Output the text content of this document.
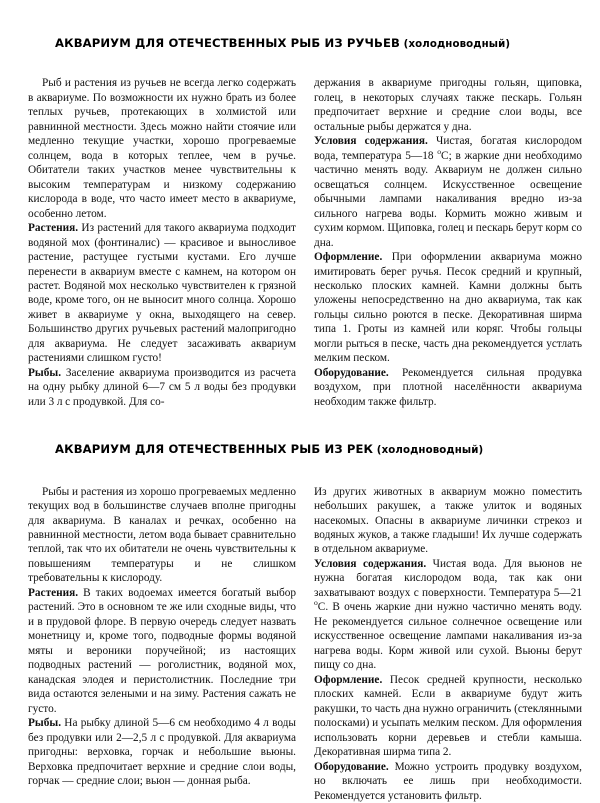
АКВАРИУМ ДЛЯ ОТЕЧЕСТВЕННЫХ РЫБ ИЗ РУЧЬЕВ (холодноводный)

Рыб и растения из ручьев не всегда легко содержать в аквариуме. По возможности их нужно брать из более теплых ручьев, протекающих в холмистой или равнинной местности. Здесь можно найти стоячие или медленно текущие участки, хорошо прогреваемые солнцем, вода в которых теплее, чем в ручье. Обитатели таких участков менее чувствительны к высоким температурам и низкому содержанию кислорода в воде, что часто имеет место в аквариуме, особенно летом.

Растения. Из растений для такого аквариума подходит водяной мох (фонтиналис) — красивое и выносливое растение, растущее густыми кустами. Его лучше перенести в аквариум вместе с камнем, на котором он растет. Водяной мох несколько чувствителен к грязной воде, кроме того, он не выносит много солнца. Хорошо живет в аквариуме у окна, выходящего на север. Большинство других ручьевых растений малопригодно для аквариума. Не следует засаживать аквариум растениями слишком густо!

Рыбы. Заселение аквариума производится из расчета на одну рыбку длиной 6—7 см 5 л воды без продувки или 3 л с продувкой. Для со-

держания в аквариуме пригодны гольян, щиповка, голец, в некоторых случаях также пескарь. Гольян предпочитает верхние и средние слои воды, все остальные рыбы держатся у дна.

Условия содержания. Чистая, богатая кислородом вода, температура 5—18 $^o$С; в жаркие дни необходимо частично менять воду. Аквариум не должен сильно освещаться солнцем. Искусственное освещение обычными лампами накаливания вредно из-за сильного нагрева воды. Кормить можно живым и сухим кормом. Щиповка, голец и пескарь берут корм со дна.

Оформление. При оформлении аквариума можно имитировать берег ручья. Песок средний и крупный, несколько плоских камней. Камни должны быть уложены непосредственно на дно аквариума, так как гольцы сильно роются в песке. Декоративная ширма типа 1. Гроты из камней или коряг. Чтобы гольцы могли рыться в песке, часть дна рекомендуется устлать мелким песком.

Оборудование. Рекомендуется сильная продувка воздухом, при плотной населённости аквариума необходим также фильтр.

АКВАРИУМ ДЛЯ ОТЕЧЕСТВЕННЫХ РЫБ ИЗ РЕК (холодноводный)

Рыбы и растения из хорошо прогреваемых медленно текущих вод в большинстве случаев вполне пригодны для аквариума. В каналах и речках, особенно на равнинной местности, летом вода бывает сравнительно теплой, так что их обитатели не очень чувствительны к повышениям температуры и не слишком требовательны к кислороду.

Растения. В таких водоемах имеется богатый выбор растений. Это в основном те же или сходные виды, что и в прудовой флоре. В первую очередь следует назвать монетницу и, кроме того, подводные формы водяной мяты и вероники поручейной; из настоящих подводных растений — роголистник, водяной мох, канадская элодея и перистолистник. Последние три вида остаются зелеными и на зиму. Растения сажать не густо.

Рыбы. На рыбку длиной 5—6 см необходимо 4 л воды без продувки или 2—2,5 л с продувкой. Для аквариума пригодны: верховка, горчак и небольшие вьюны. Верховка предпочитает верхние и средние слои воды, горчак — средние слои; вьюн — донная рыба.

Из других животных в аквариум можно поместить небольших ракушек, а также улиток и водяных насекомых. Опасны в аквариуме личинки стрекоз и водяных жуков, а также гладыши! Их лучше содержать в отдельном аквариуме.

Условия содержания. Чистая вода. Для вьюнов не нужна богатая кислородом вода, так как они захватывают воздух с поверхности. Температура 5—21 $^o$С. В очень жаркие дни нужно частично менять воду. Не рекомендуется сильное солнечное освещение или искусственное освещение лампами накаливания из-за нагрева воды. Корм живой или сухой. Вьюны берут пищу со дна.

Оформление. Песок средней крупности, несколько плоских камней. Если в аквариуме будут жить ракушки, то часть дна нужно ограничить (стеклянными полосками) и усыпать мелким песком. Для оформления использовать корни деревьев и стебли камыша. Декоративная ширма типа 2.

Оборудование. Можно устроить продувку воздухом, но включать ее лишь при необходимости. Рекомендуется установить фильтр.
